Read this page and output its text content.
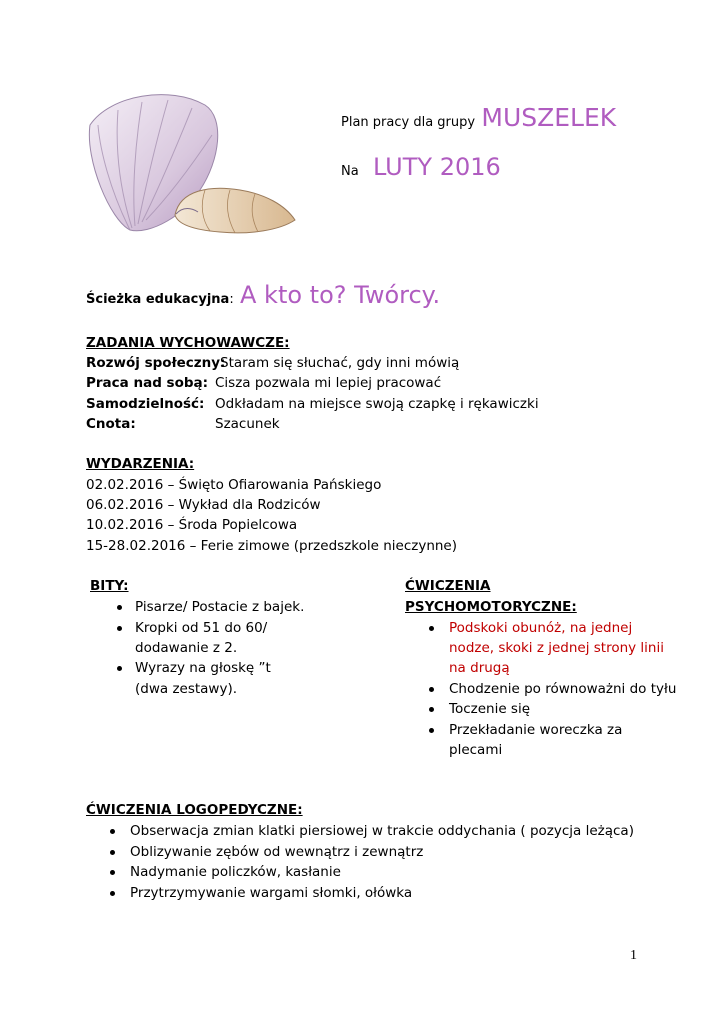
Plan pracy dla grupy MUSZELEK
Na LUTY 2016
Ścieżka edukacyjna: A kto to? Twórcy.
ZADANIA WYCHOWAWCZE:
Rozwój społeczny:
Staram się słuchać, gdy inni mówią
Praca nad sobą: Cisza pozwala mi lepiej pracować
Samodzielność: Odkładam na miejsce swoją czapkę i rękawiczki
Cnota:	Szacunek
WYDARZENIA:
02.02.2016 – Święto Ofiarowania Pańskiego
06.02.2016 – Wykład dla Rodziców
10.02.2016 – Środa Popielcowa
15-28.02.2016 – Ferie zimowe (przedszkole nieczynne)
BITY:
Pisarze/ Postacie z bajek.
Kropki od 51 do 60/
dodawanie z 2.
Wyrazy na głoskę ”t
(dwa zestawy).
ĆWICZENIA
PSYCHOMOTORYCZNE:
Podskoki obunóż, na jednej
nodze, skoki z jednej strony linii
na drugą
Chodzenie po równoważni do tyłu
Toczenie się
Przekładanie woreczka za
plecami
ĆWICZENIA LOGOPEDYCZNE:
Obserwacja zmian klatki piersiowej w trakcie oddychania ( pozycja leżąca)
Oblizywanie zębów od wewnątrz i zewnątrz
Nadymanie policzków, kasłanie
Przytrzymywanie wargami słomki, ołówka
1
